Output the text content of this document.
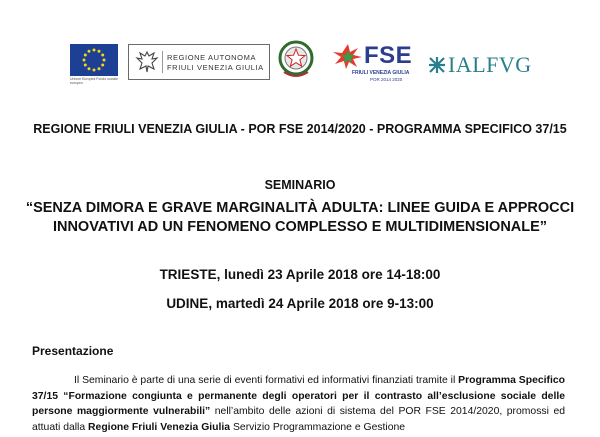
Unione Europea Fondo sociale europeo
REGIONE AUTONOMA
FRIULI VENEZIA GIULIA	FSE
FRIULI VENEZIA GIULIA
POR 2014 2020
IALFVG
REGIONE FRIULI VENEZIA GIULIA - POR FSE 2014/2020 - PROGRAMMA SPECIFICO 37/15
SEMINARIO
“SENZA DIMORA E GRAVE MARGINALITÀ ADULTA: LINEE GUIDA E APPROCCI
INNOVATIVI AD UN FENOMENO COMPLESSO E MULTIDIMENSIONALE”
TRIESTE, lunedì 23 Aprile 2018 ore 14-18:00
UDINE, martedì 24 Aprile 2018 ore 9-13:00
Presentazione
Il Seminario è parte di una serie di eventi formativi ed informativi finanziati tramite il Programma Specifico 37/15 “Formazione congiunta e permanente degli operatori per il contrasto all’esclusione sociale delle persone maggiormente vulnerabili” nell’ambito delle azioni di sistema del POR FSE 2014/2020, promossi ed attuati dalla Regione Friuli Venezia Giulia Servizio Programmazione e Gestione
